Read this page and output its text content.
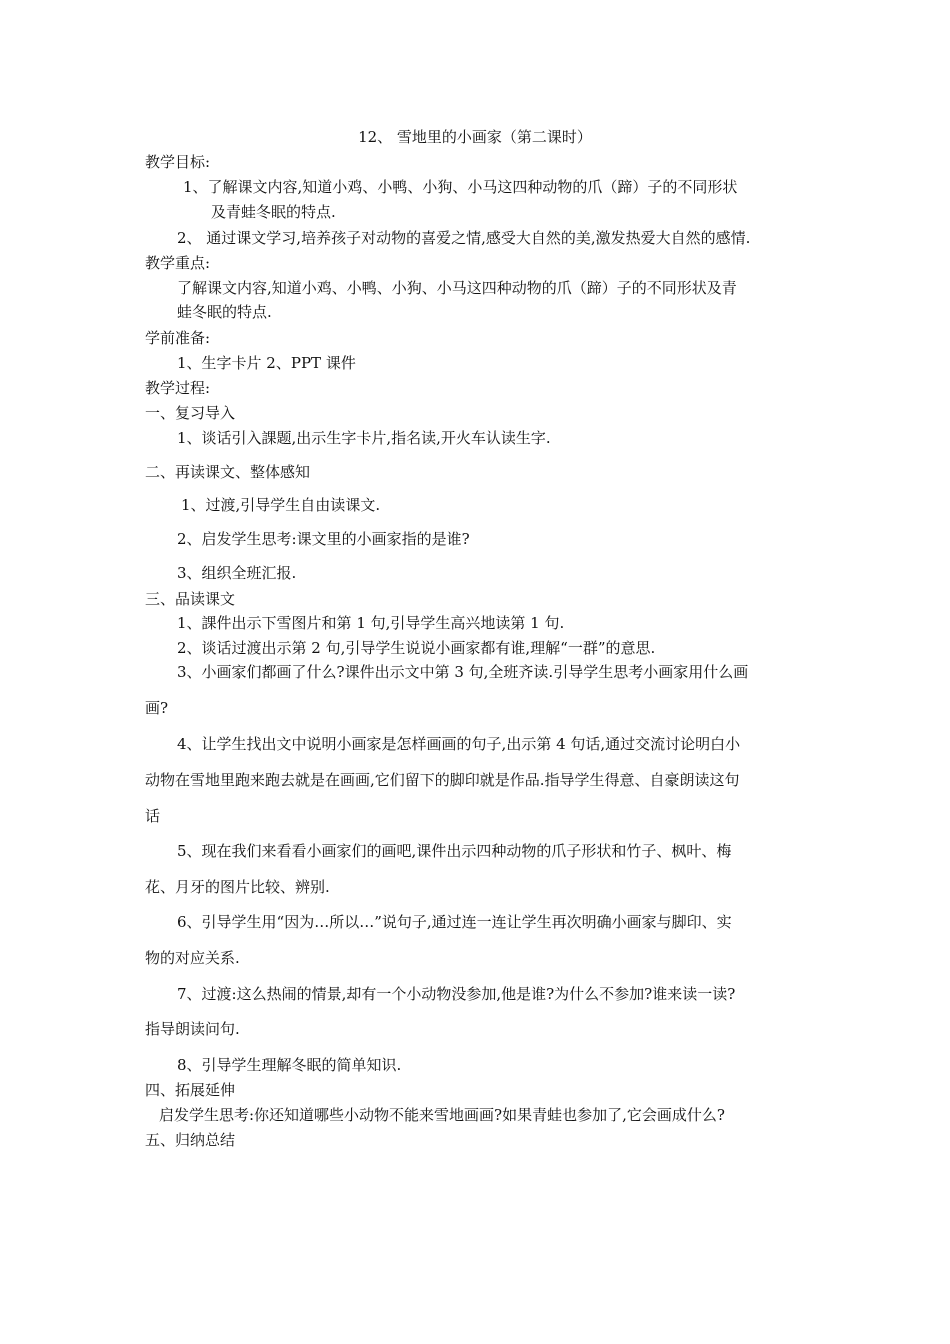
12、 雪地里的小画家（第二课时）
教学目标:
1、了解课文内容,知道小鸡、小鸭、小狗、小马这四种动物的爪（蹄）子的不同形状
及青蛙冬眠的特点.
2、 通过课文学习,培养孩子对动物的喜爱之情,感受大自然的美,激发热爱大自然的感情.
教学重点:
了解课文内容,知道小鸡、小鸭、小狗、小马这四种动物的爪（蹄）子的不同形状及青
蛙冬眠的特点.
学前准备:
1、生字卡片 2、PPT 课件
教学过程:
一、复习导入
1、谈话引入課题,出示生字卡片,指名读,开火车认读生字.
二、再读课文、整体感知
1、过渡,引导学生自由读课文.
2、启发学生思考:课文里的小画家指的是谁?
3、组织全班汇报.
三、品读课文
1、課件出示下雪图片和第 1 句,引导学生高兴地读第 1 句.
2、谈话过渡出示第 2 句,引导学生说说小画家都有谁,理解“一群”的意思.
3、小画家们都画了什么?课件出示文中第 3 句,全班齐读.引导学生思考小画家用什么画
画?
4、让学生找出文中说明小画家是怎样画画的句子,出示第 4 句话,通过交流讨论明白小
动物在雪地里跑来跑去就是在画画,它们留下的脚印就是作品.指导学生得意、自豪朗读这句
话
5、现在我们来看看小画家们的画吧,课件出示四种动物的爪子形状和竹子、枫叶、梅
花、月牙的图片比较、辨别.
6、引导学生用“因为…所以…”说句子,通过连一连让学生再次明确小画家与脚印、实
物的对应关系.
7、过渡:这么热闹的情景,却有一个小动物没参加,他是谁?为什么不参加?谁来读一读?
指导朗读问句.
8、引导学生理解冬眠的简单知识.
四、拓展延伸
启发学生思考:你还知道哪些小动物不能来雪地画画?如果青蛙也参加了,它会画成什么?
五、归纳总结
